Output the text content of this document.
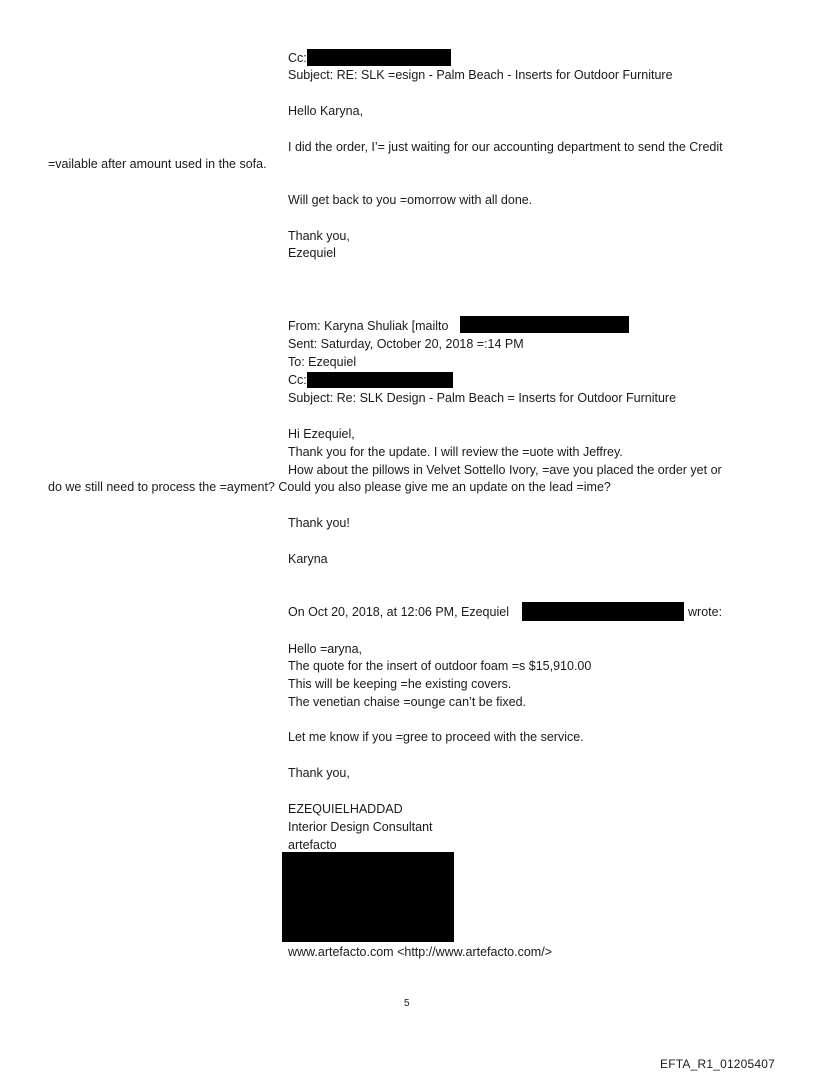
Cc:
Subject: RE: SLK =esign - Palm Beach - Inserts for Outdoor Furniture
Hello Karyna,
I did the order, I’= just waiting for our accounting department to send the Credit
=vailable after amount used in the sofa.
Will get back to you =omorrow with all done.
Thank you,
Ezequiel
From: Karyna Shuliak [mailto
Sent: Saturday, October 20, 2018 =:14 PM
To: Ezequiel
Cc:
Subject: Re: SLK Design - Palm Beach = Inserts for Outdoor Furniture
Hi Ezequiel,
Thank you for the update. I will review the =uote with Jeffrey.
How about the pillows in Velvet Sottello Ivory, =ave you placed the order yet or
do we still need to process the =ayment? Could you also please give me an update on the lead =ime?
Thank you!
Karyna
On Oct 20, 2018, at 12:06 PM, Ezequiel	wrote:
Hello =aryna,
The quote for the insert of outdoor foam =s $15,910.00
This will be keeping =he existing covers.
The venetian chaise =ounge can’t be fixed.
Let me know if you =gree to proceed with the service.
Thank you,
EZEQUIELHADDAD
Interior Design Consultant
artefacto
www.artefacto.com <http://www.artefacto.com/>
5
EFTA_R1_01205407
